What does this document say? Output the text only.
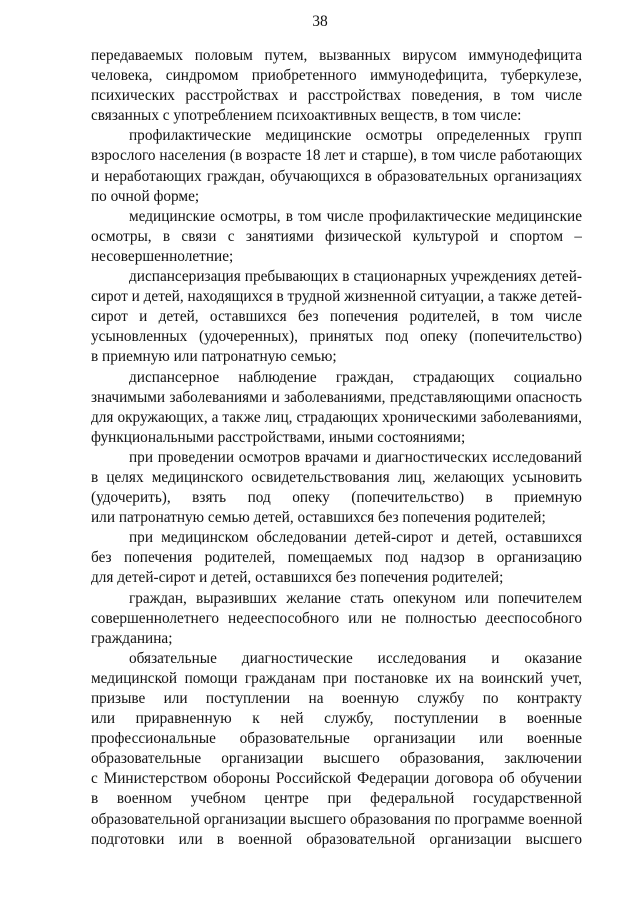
38
передаваемых половым путем, вызванных вирусом иммунодефицита
человека, синдромом приобретенного иммунодефицита, туберкулезе,
психических расстройствах и расстройствах поведения, в том числе
связанных с употреблением психоактивных веществ, в том числе:
профилактические медицинские осмотры определенных групп
взрослого населения (в возрасте 18 лет и старше), в том числе работающих
и неработающих граждан, обучающихся в образовательных организациях
по очной форме;
медицинские осмотры, в том числе профилактические медицинские
осмотры, в связи с занятиями физической культурой и спортом –
несовершеннолетние;
диспансеризация пребывающих в стационарных учреждениях детей-
сирот и детей, находящихся в трудной жизненной ситуации, а также детей-
сирот и детей, оставшихся без попечения родителей, в том числе
усыновленных (удочеренных), принятых под опеку (попечительство)
в приемную или патронатную семью;
диспансерное наблюдение граждан, страдающих социально
значимыми заболеваниями и заболеваниями, представляющими опасность
для окружающих, а также лиц, страдающих хроническими заболеваниями,
функциональными расстройствами, иными состояниями;
при проведении осмотров врачами и диагностических исследований
в целях медицинского освидетельствования лиц, желающих усыновить
(удочерить), взять под опеку (попечительство) в приемную
или патронатную семью детей, оставшихся без попечения родителей;
при медицинском обследовании детей-сирот и детей, оставшихся
без попечения родителей, помещаемых под надзор в организацию
для детей-сирот и детей, оставшихся без попечения родителей;
граждан, выразивших желание стать опекуном или попечителем
совершеннолетнего недееспособного или не полностью дееспособного
гражданина;
обязательные диагностические исследования и оказание
медицинской помощи гражданам при постановке их на воинский учет,
призыве или поступлении на военную службу по контракту
или приравненную к ней службу, поступлении в военные
профессиональные образовательные организации или военные
образовательные организации высшего образования, заключении
с Министерством обороны Российской Федерации договора об обучении
в военном учебном центре при федеральной государственной
образовательной организации высшего образования по программе военной
подготовки или в военной образовательной организации высшего
